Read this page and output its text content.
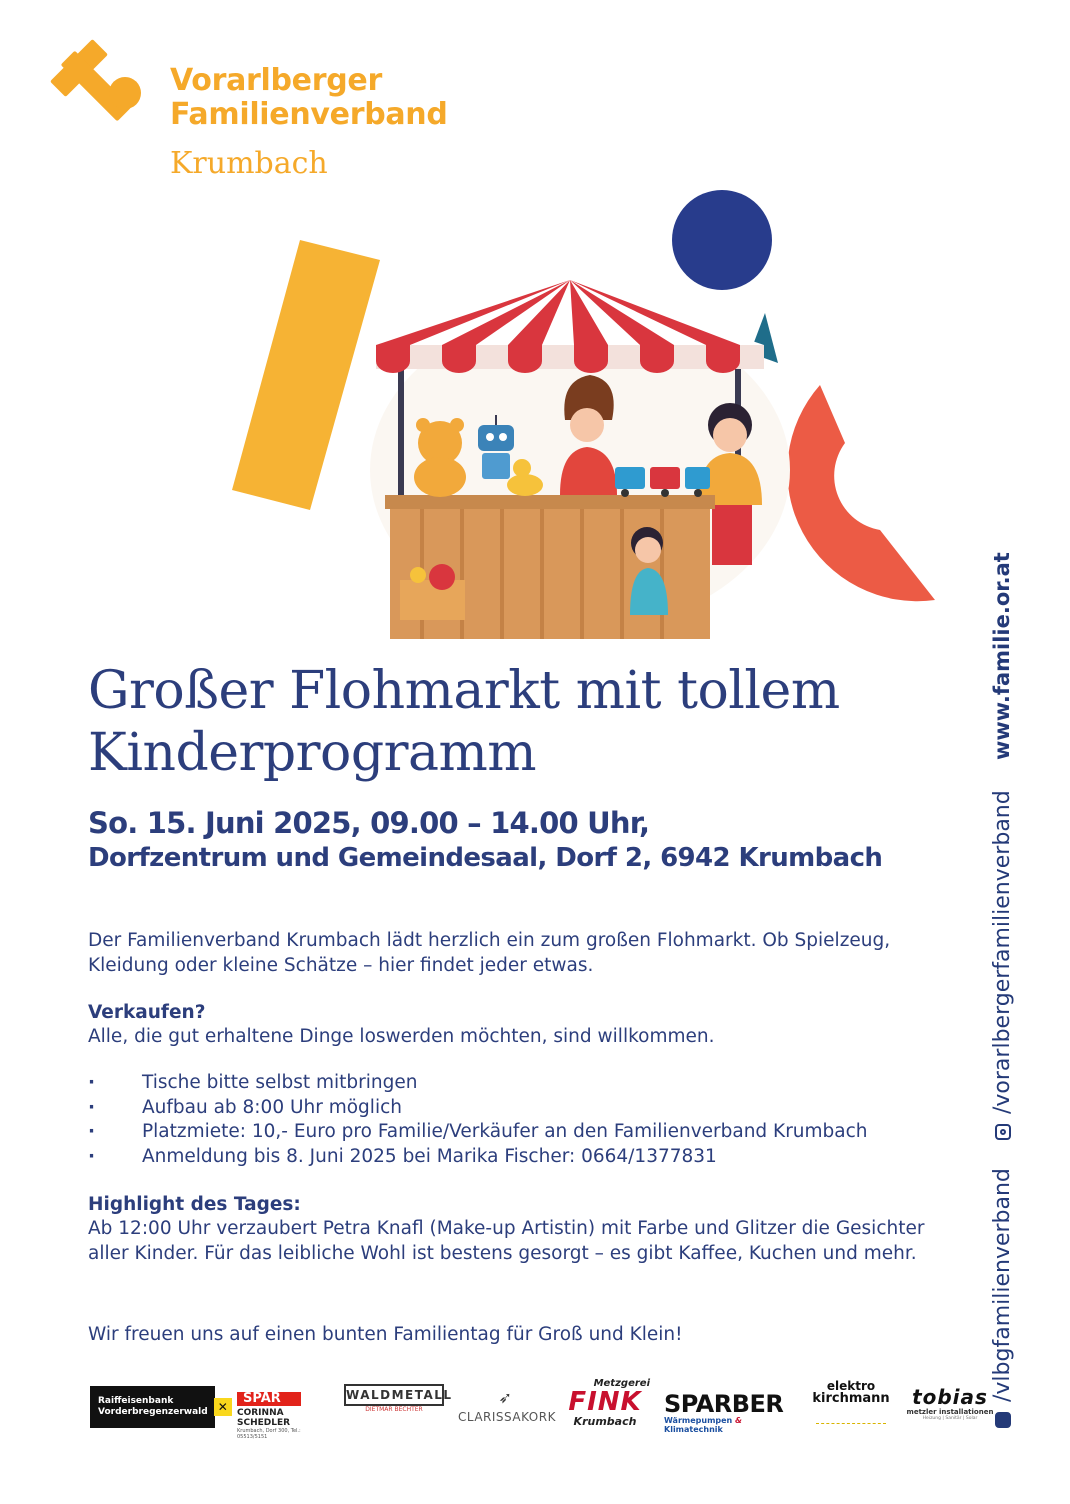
Vorarlberger
Familienverband
Krumbach
www.familie.or.at
/vorarlbergerfamilienverband
/vlbgfamilienverband
Großer Flohmarkt mit tollem
Kinderprogramm
So. 15. Juni 2025, 09.00 – 14.00 Uhr,
Dorfzentrum und Gemeindesaal, Dorf 2, 6942 Krumbach
Der Familienverband Krumbach lädt herzlich ein zum großen Flohmarkt. Ob Spielzeug, Kleidung oder kleine Schätze – hier findet jeder etwas.
Verkaufen?
Alle, die gut erhaltene Dinge loswerden möchten, sind willkommen.
· Tische bitte selbst mitbringen
· Aufbau ab 8:00 Uhr möglich
· Platzmiete: 10,- Euro pro Familie/Verkäufer an den Familienverband Krumbach
· Anmeldung bis 8. Juni 2025 bei Marika Fischer: 0664/1377831
Highlight des Tages:
Ab 12:00 Uhr verzaubert Petra Knafl (Make-up Artistin) mit Farbe und Glitzer die Gesichter aller Kinder. Für das leibliche Wohl ist bestens gesorgt – es gibt Kaffee, Kuchen und mehr.
Wir freuen uns auf einen bunten Familientag für Groß und Klein!
Raiffeisenbank
Vorderbregenzerwald ✕
SPAR
CORINNA SCHEDLER
Krumbach, Dorf 300, Tel.: 05513/5151
WALDMETALL
DIETMAR BECHTER
➶
CLARISSAKORK
Metzgerei
FINK
Krumbach
SPARBER
Wärmepumpen & Klimatechnik
elektro
kirchmann	tobias
metzler installationen
Heizung | Sanitär | Solar
